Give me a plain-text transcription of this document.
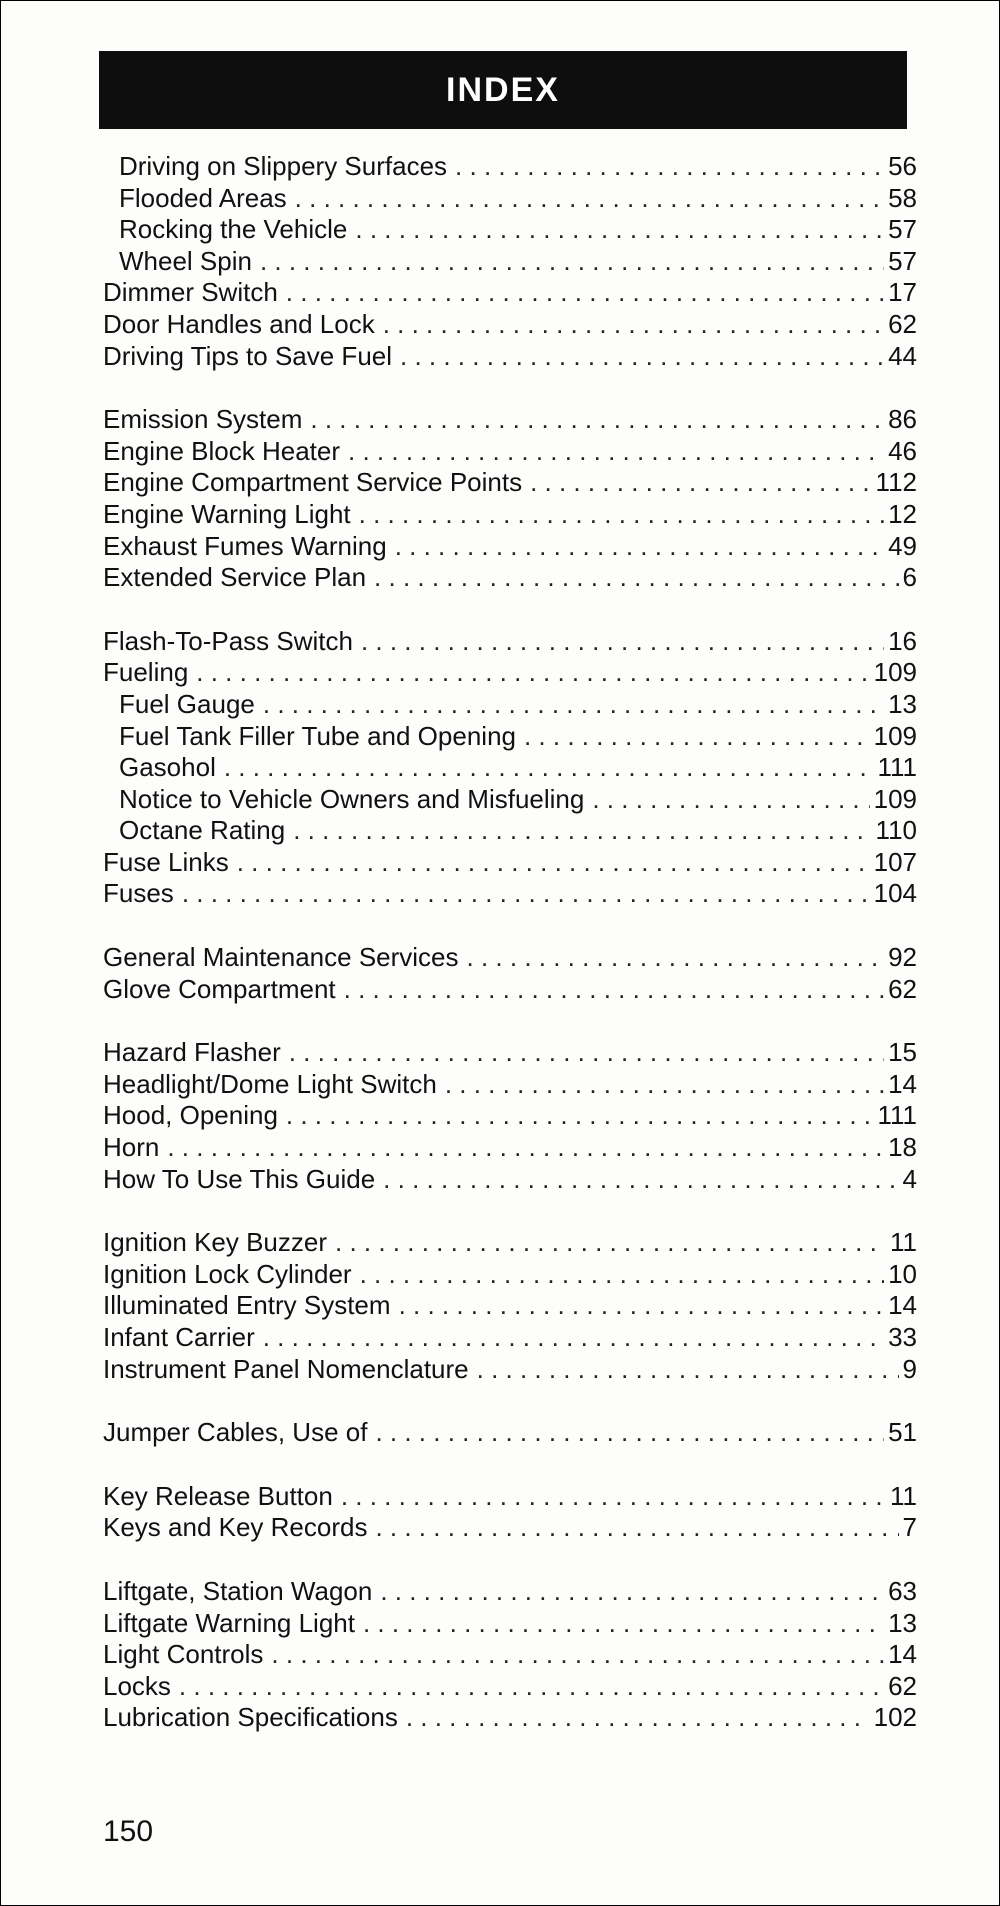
INDEX
Driving on Slippery Surfaces . . .	56
Flooded Areas . . .	58
Rocking the Vehicle . . .	57
Wheel Spin . . .	57
Dimmer Switch . . .	17
Door Handles and Lock . . .	62
Driving Tips to Save Fuel . . .	44
Emission System . . .	86
Engine Block Heater . . .	46
Engine Compartment Service Points . . .	112
Engine Warning Light . . .	12
Exhaust Fumes Warning . . .	49
Extended Service Plan . . .	6
Flash-To-Pass Switch . . .	16
Fueling . . .	109
Fuel Gauge . . .	13
Fuel Tank Filler Tube and Opening . . .	109
Gasohol . . .	111
Notice to Vehicle Owners and Misfueling . . .	109
Octane Rating . . .	110
Fuse Links . . .	107
Fuses . . .	104
General Maintenance Services . . .	92
Glove Compartment . . .	62
Hazard Flasher . . .	15
Headlight/Dome Light Switch . . .	14
Hood, Opening . . .	111
Horn . . .	18
How To Use This Guide . . .	4
Ignition Key Buzzer . . .	11
Ignition Lock Cylinder . . .	10
Illuminated Entry System . . .	14
Infant Carrier . . .	33
Instrument Panel Nomenclature . . .	9
Jumper Cables, Use of . . .	51
Key Release Button . . .	11
Keys and Key Records . . .	7
Liftgate, Station Wagon . . .	63
Liftgate Warning Light . . .	13
Light Controls . . .	14
Locks . . .	62
Lubrication Specifications . . .	102
150
